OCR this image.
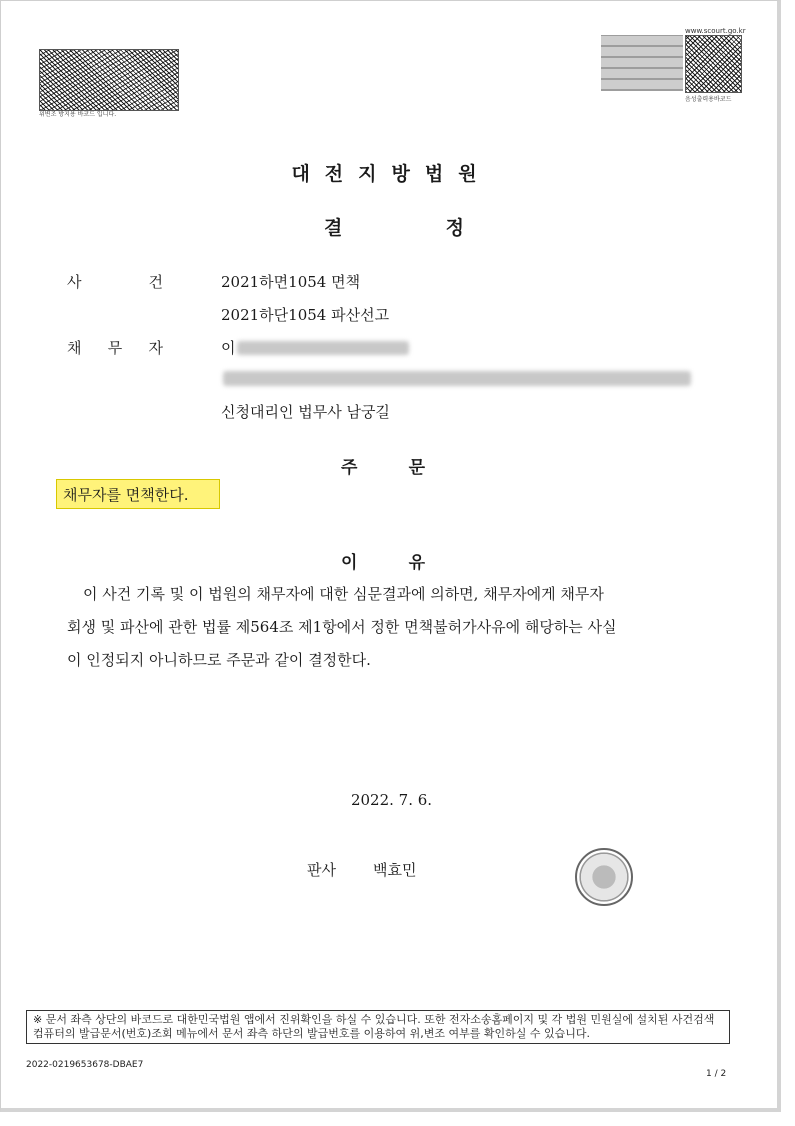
위변조 방지용 바코드 입니다.
www.scourt.go.kr
음성출력용바코드
대전지방법원
결	정
사	건	2021하면1054 면책
2021하단1054 파산선고
채 무 자	이
신청대리인 법무사 남궁길
주	문
채무자를 면책한다.
이	유

이 사건 기록 및 이 법원의 채무자에 대한 심문결과에 의하면, 채무자에게 채무자

회생 및 파산에 관한 법률 제564조 제1항에서 정한 면책불허가사유에 해당하는 사실

이 인정되지 아니하므로 주문과 같이 결정한다.

2022. 7. 6.
판사 백효민
※ 문서 좌측 상단의 바코드로 대한민국법원 앱에서 진위확인을 하실 수 있습니다. 또한 전자소송홈페이지 및 각 법원 민원실에 설치된 사건검색 컴퓨터의 발급문서(번호)조회 메뉴에서 문서 좌측 하단의 발급번호를 이용하여 위,변조 여부를 확인하실 수 있습니다.
2022-0219653678-DBAE7
1 / 2
